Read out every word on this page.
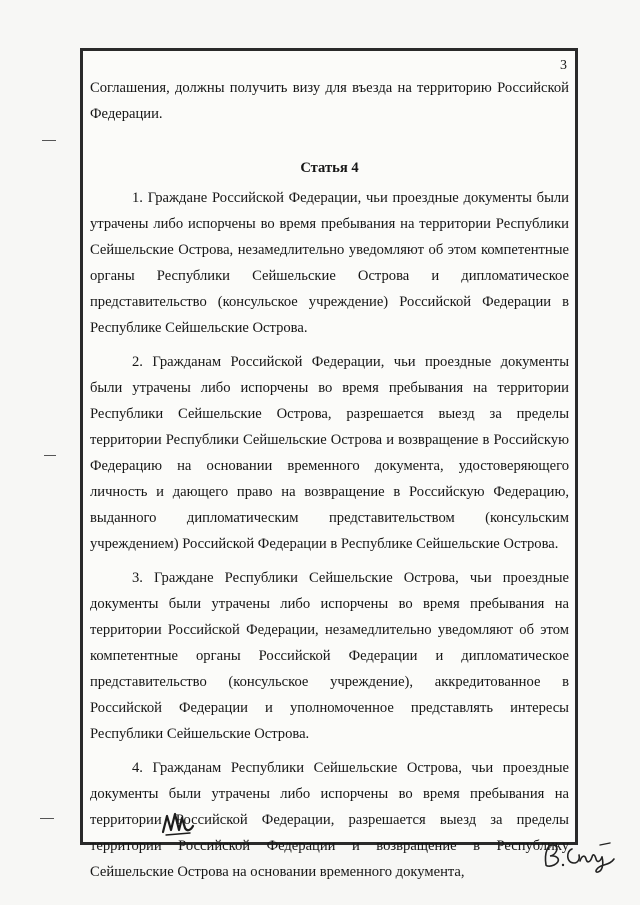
3

Соглашения, должны получить визу для въезда на территорию Российской Федерации.

Статья 4

1. Граждане Российской Федерации, чьи проездные документы были утрачены либо испорчены во время пребывания на территории Республики Сейшельские Острова, незамедлительно уведомляют об этом компетентные органы Республики Сейшельские Острова и дипломатическое представительство (консульское учреждение) Российской Федерации в Республике Сейшельские Острова.

2. Гражданам Российской Федерации, чьи проездные документы были утрачены либо испорчены во время пребывания на территории Республики Сейшельские Острова, разрешается выезд за пределы территории Республики Сейшельские Острова и возвращение в Российскую Федерацию на основании временного документа, удостоверяющего личность и дающего право на возвращение в Российскую Федерацию, выданного дипломатическим представительством (консульским учреждением) Российской Федерации в Республике Сейшельские Острова.

3. Граждане Республики Сейшельские Острова, чьи проездные документы были утрачены либо испорчены во время пребывания на территории Российской Федерации, незамедлительно уведомляют об этом компетентные органы Российской Федерации и дипломатическое представительство (консульское учреждение), аккредитованное в Российской Федерации и уполномоченное представлять интересы Республики Сейшельские Острова.

4. Гражданам Республики Сейшельские Острова, чьи проездные документы были утрачены либо испорчены во время пребывания на территории Российской Федерации, разрешается выезд за пределы территории Российской Федерации и возвращение в Республику Сейшельские Острова на основании временного документа,
